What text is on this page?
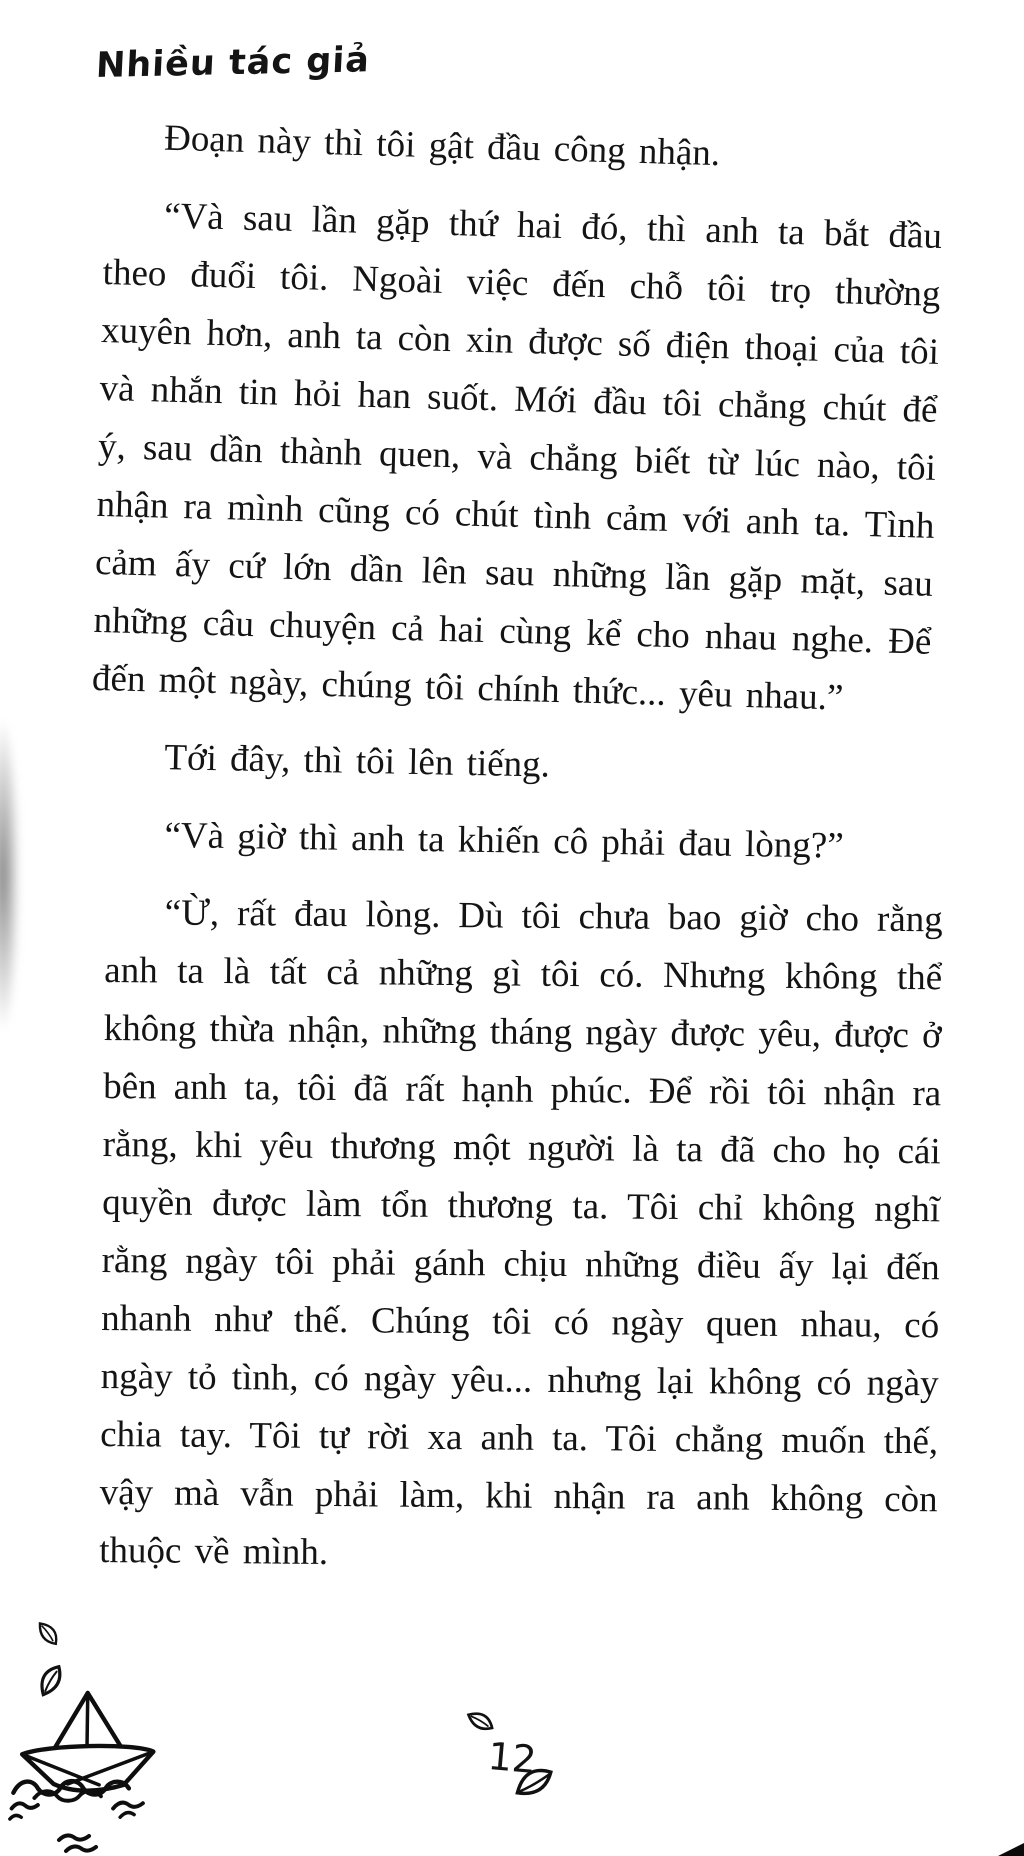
Nhiều tác giả

Đoạn này thì tôi gật đầu công nhận.

“Và sau lần gặp thứ hai đó, thì anh ta bắt đầu theo đuổi tôi. Ngoài việc đến chỗ tôi trọ thường xuyên hơn, anh ta còn xin được số điện thoại của tôi và nhắn tin hỏi han suốt. Mới đầu tôi chẳng chút để ý, sau dần thành quen, và chẳng biết từ lúc nào, tôi nhận ra mình cũng có chút tình cảm với anh ta. Tình cảm ấy cứ lớn dần lên sau những lần gặp mặt, sau những câu chuyện cả hai cùng kể cho nhau nghe. Để đến một ngày, chúng tôi chính thức... yêu nhau.”

Tới đây, thì tôi lên tiếng.

“Và giờ thì anh ta khiến cô phải đau lòng?”

“Ừ, rất đau lòng. Dù tôi chưa bao giờ cho rằng anh ta là tất cả những gì tôi có. Nhưng không thể không thừa nhận, những tháng ngày được yêu, được ở bên anh ta, tôi đã rất hạnh phúc. Để rồi tôi nhận ra rằng, khi yêu thương một người là ta đã cho họ cái quyền được làm tổn thương ta. Tôi chỉ không nghĩ rằng ngày tôi phải gánh chịu những điều ấy lại đến nhanh như thế. Chúng tôi có ngày quen nhau, có ngày tỏ tình, có ngày yêu... nhưng lại không có ngày chia tay. Tôi tự rời xa anh ta. Tôi chẳng muốn thế, vậy mà vẫn phải làm, khi nhận ra anh không còn thuộc về mình.

12
